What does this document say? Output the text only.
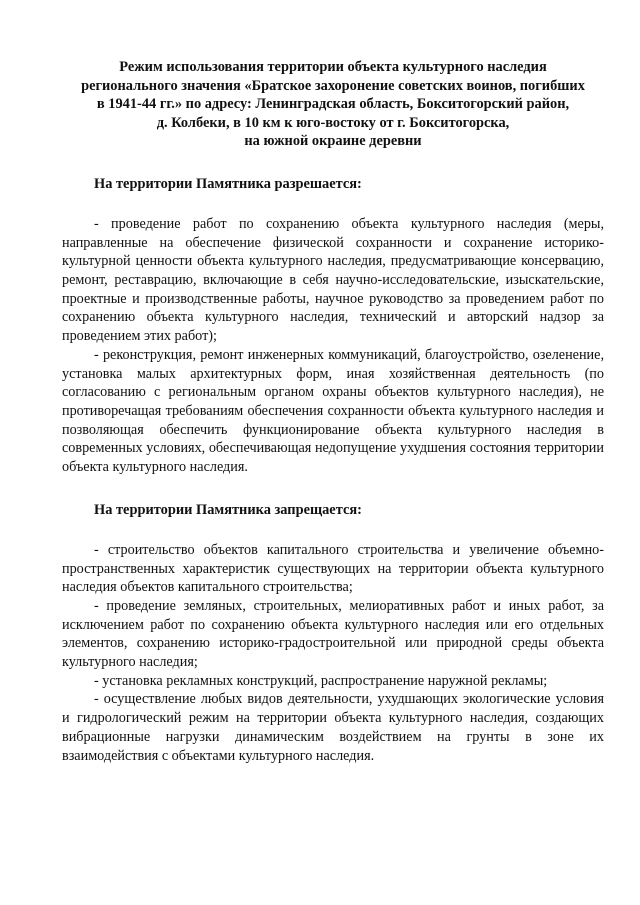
Режим использования территории объекта культурного наследия
регионального значения «Братское захоронение советских воинов, погибших
в 1941-44 гг.» по адресу: Ленинградская область, Бокситогорский район,
д. Колбеки, в 10 км к юго-востоку от г. Бокситогорска,
на южной окраине деревни

На территории Памятника разрешается:

- проведение работ по сохранению объекта культурного наследия (меры, направленные на обеспечение физической сохранности и сохранение историко-культурной ценности объекта культурного наследия, предусматривающие консервацию, ремонт, реставрацию, включающие в себя научно-исследовательские, изыскательские, проектные и производственные работы, научное руководство за проведением работ по сохранению объекта культурного наследия, технический и авторский надзор за проведением этих работ);

- реконструкция, ремонт инженерных коммуникаций, благоустройство, озеленение, установка малых архитектурных форм, иная хозяйственная деятельность (по согласованию с региональным органом охраны объектов культурного наследия), не противоречащая требованиям обеспечения сохранности объекта культурного наследия и позволяющая обеспечить функционирование объекта культурного наследия в современных условиях, обеспечивающая недопущение ухудшения состояния территории объекта культурного наследия.

На территории Памятника запрещается:

- строительство объектов капитального строительства и увеличение объемно-пространственных характеристик существующих на территории объекта культурного наследия объектов капитального строительства;

- проведение земляных, строительных, мелиоративных работ и иных работ, за исключением работ по сохранению объекта культурного наследия или его отдельных элементов, сохранению историко-градостроительной или природной среды объекта культурного наследия;

- установка рекламных конструкций, распространение наружной рекламы;

- осуществление любых видов деятельности, ухудшающих экологические условия и гидрологический режим на территории объекта культурного наследия, создающих вибрационные нагрузки динамическим воздействием на грунты в зоне их взаимодействия с объектами культурного наследия.
